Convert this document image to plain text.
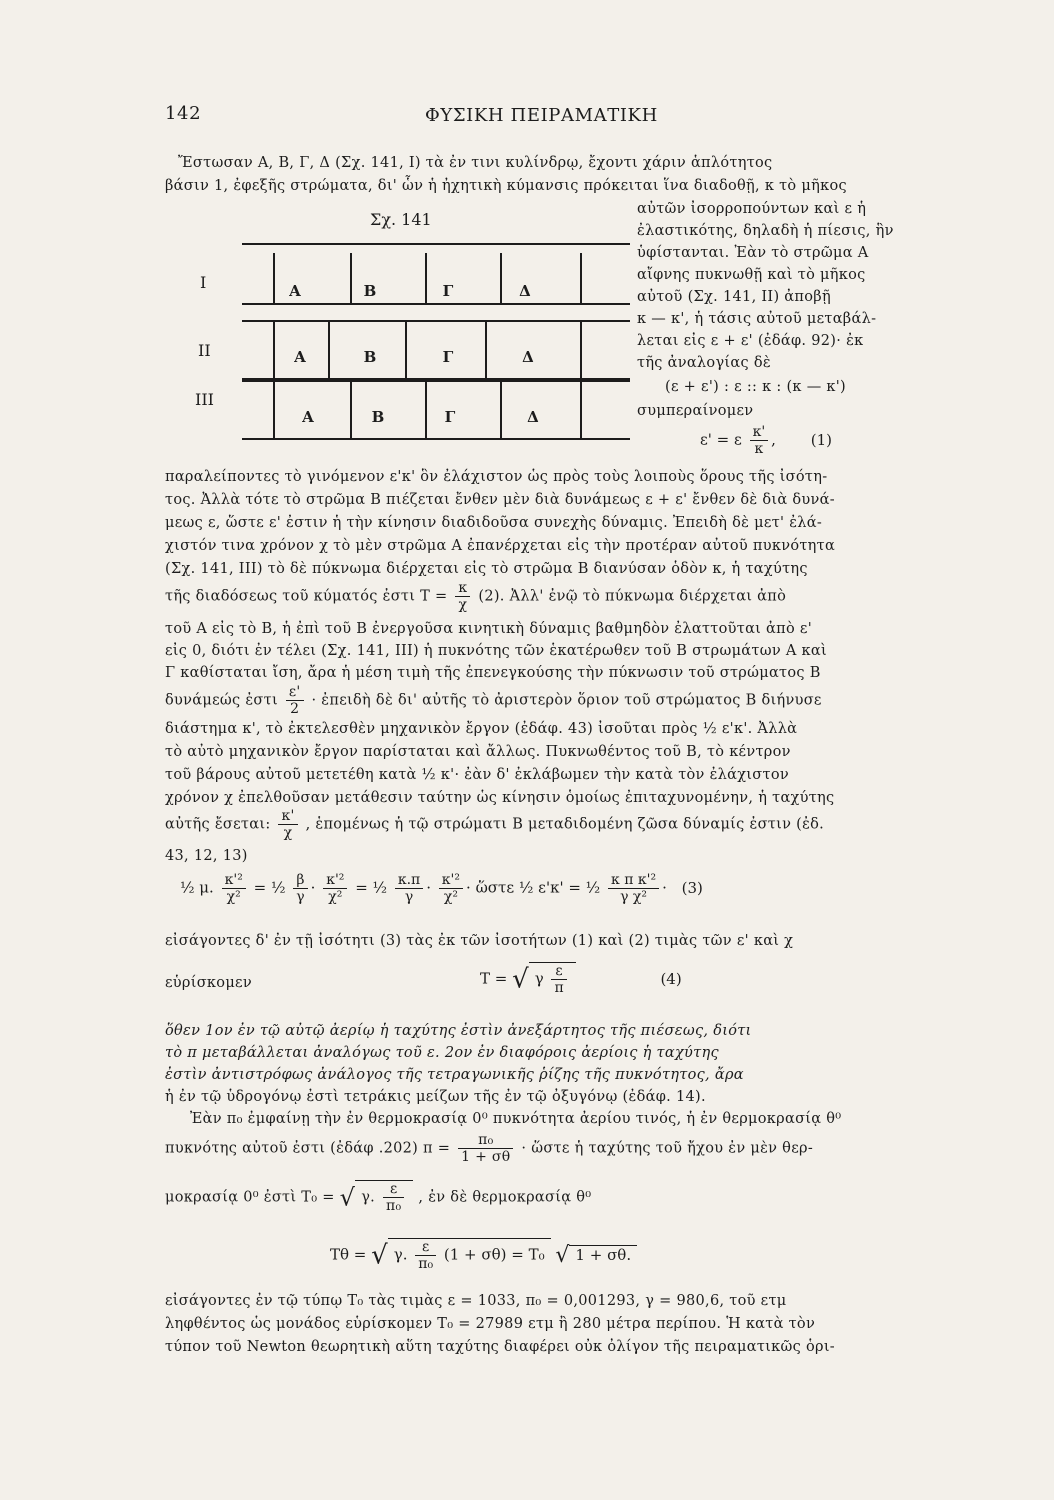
142	ΦΥΣΙΚΗ ΠΕΙΡΑΜΑΤΙΚΗ
Ἔστωσαν Α, Β, Γ, Δ (Σχ. 141, I) τὰ ἐν τινι κυλίνδρῳ, ἔχοντι χάριν ἁπλότητος
βάσιν 1, ἐφεξῆς στρώματα, δι' ὧν ἡ ἠχητικὴ κύμανσις πρόκειται ἵνα διαδοθῇ, κ τὸ μῆκος
Σχ. 141
I	Α	Β	Γ	Δ
II	Α	Β	Γ	Δ
III
Α	Β	Γ	Δ
αὐτῶν ἰσορροπούντων καὶ ε ἡ
ἐλαστικότης, δηλαδὴ ἡ πίεσις, ἣν
ὑφίστανται. Ἐὰν τὸ στρῶμα Α
αἴφνης πυκνωθῇ καὶ τὸ μῆκος
αὐτοῦ (Σχ. 141, II) ἀποβῇ
κ — κ', ἡ τάσις αὐτοῦ μεταβάλ-
λεται εἰς ε + ε' (ἐδάφ. 92)· ἐκ
τῆς ἀναλογίας δὲ
(ε + ε') : ε :: κ : (κ — κ')
συμπεραίνομεν
ε' = ε $\frac{\kappa'}{\kappa}$ , (1)
παραλείποντες τὸ γινόμενον ε'κ' ὃν ἐλάχιστον ὡς πρὸς τοὺς λοιποὺς ὅρους τῆς ἰσότη-
τος. Ἀλλὰ τότε τὸ στρῶμα Β πιέζεται ἔνθεν μὲν διὰ δυνάμεως ε + ε' ἔνθεν δὲ διὰ δυνά-
μεως ε, ὥστε ε' ἐστιν ἡ τὴν κίνησιν διαδιδοῦσα συνεχὴς δύναμις. Ἐπειδὴ δὲ μετ' ἐλά-
χιστόν τινα χρόνον χ τὸ μὲν στρῶμα Α ἐπανέρχεται εἰς τὴν προτέραν αὐτοῦ πυκνότητα
(Σχ. 141, III) τὸ δὲ πύκνωμα διέρχεται εἰς τὸ στρῶμα Β διανύσαν ὁδὸν κ, ἡ ταχύτης
τῆς διαδόσεως τοῦ κύματός ἐστι $T = \frac{\kappa}{\chi} (2)$. Ἀλλ' ἐνῷ τὸ πύκνωμα διέρχεται ἀπὸ
τοῦ Α εἰς τὸ Β, ἡ ἐπὶ τοῦ Β ἐνεργοῦσα κινητικὴ δύναμις βαθμηδὸν ἐλαττοῦται ἀπὸ ε'
εἰς 0, διότι ἐν τέλει (Σχ. 141, III) ἡ πυκνότης τῶν ἑκατέρωθεν τοῦ Β στρωμάτων Α καὶ
Γ καθίσταται ἴση, ἄρα ἡ μέση τιμὴ τῆς ἐπενεγκούσης τὴν πύκνωσιν τοῦ στρώματος Β
δυνάμεώς ἐστι $\frac{\varepsilon'}{2}$ · ἐπειδὴ δὲ δι' αὐτῆς τὸ ἀριστερὸν ὅριον τοῦ στρώματος Β διήνυσε
διάστημα κ', τὸ ἐκτελεσθὲν μηχανικὸν ἔργον (ἐδάφ. 43) ἰσοῦται πρὸς ½ ε'κ'. Ἀλλὰ
τὸ αὐτὸ μηχανικὸν ἔργον παρίσταται καὶ ἄλλως. Πυκνωθέντος τοῦ Β, τὸ κέντρον
τοῦ βάρους αὐτοῦ μετετέθη κατὰ ½ κ'· ἐὰν δ' ἐκλάβωμεν τὴν κατὰ τὸν ἐλάχιστον
χρόνον χ ἐπελθοῦσαν μετάθεσιν ταύτην ὡς κίνησιν ὁμοίως ἐπιταχυνομένην, ἡ ταχύτης
αὐτῆς ἔσεται: $\frac{\kappa'}{\chi}$ , ἑπομένως ἡ τῷ στρώματι Β μεταδιδομένη ζῶσα δύναμίς ἐστιν (ἐδ.
43, 12, 13)
½ μ. $\frac{\text{κ'²}}{\text{χ²}}$ = ½ $\frac{\beta}{\gamma} \cdot \frac{\text{κ'²}}{\text{χ²}}$ = ½ $\frac{\kappa.\pi}{\gamma} \cdot \frac{\text{κ'²}}{\text{χ²}}$ · ὥστε ½ ε'κ' = ½ $\frac{\text{κ π κ'²}}{\text{γ χ²}} \cdot (3)$
εἰσάγοντες δ' ἐν τῇ ἰσότητι (3) τὰς ἐκ τῶν ἰσοτήτων (1) καὶ (2) τιμὰς τῶν ε' καὶ χ
εὑρίσκομεν	Τ = √ γ $\frac{\varepsilon}{\pi}$	(4)
ὅθεν 1ον ἐν τῷ αὐτῷ ἀερίῳ ἡ ταχύτης ἐστὶν ἀνεξάρτητος τῆς πιέσεως, διότι
τὸ π μεταβάλλεται ἀναλόγως τοῦ ε. 2ον ἐν διαφόροις ἀερίοις ἡ ταχύτης
ἐστὶν ἀντιστρόφως ἀνάλογος τῆς τετραγωνικῆς ῥίζης τῆς πυκνότητος, ἄρα
ἡ ἐν τῷ ὑδρογόνῳ ἐστὶ τετράκις μείζων τῆς ἐν τῷ ὀξυγόνῳ (ἐδάφ. 14).
Ἐὰν π₀ ἐμφαίνῃ τὴν ἐν θερμοκρασίᾳ 0⁰ πυκνότητα ἀερίου τινός, ἡ ἐν θερμοκρασίᾳ θ⁰
πυκνότης αὐτοῦ ἐστι (ἐδάφ .202) $\pi = \frac{\text{π₀}}{1 + \sigma\theta}$ · ὥστε ἡ ταχύτης τοῦ ἤχου ἐν μὲν θερ-
μοκρασίᾳ 0⁰ ἐστὶ Τ₀ = √ γ. $\frac{\varepsilon}{\text{π₀}}$ , ἐν δὲ θερμοκρασίᾳ θ⁰
Τθ = √ γ. $\frac{\varepsilon}{\text{π₀}} (1 + \sigma\theta) = T_0$ √ 1 + σθ.
εἰσάγοντες ἐν τῷ τύπῳ Τ₀ τὰς τιμὰς ε = 1033, π₀ = 0,001293, γ = 980,6, τοῦ ετμ
ληφθέντος ὡς μονάδος εὑρίσκομεν Τ₀ = 27989 ετμ ἢ 280 μέτρα περίπου. Ἡ κατὰ τὸν
τύπον τοῦ Newton θεωρητικὴ αὕτη ταχύτης διαφέρει οὐκ ὀλίγον τῆς πειραματικῶς ὁρι-
